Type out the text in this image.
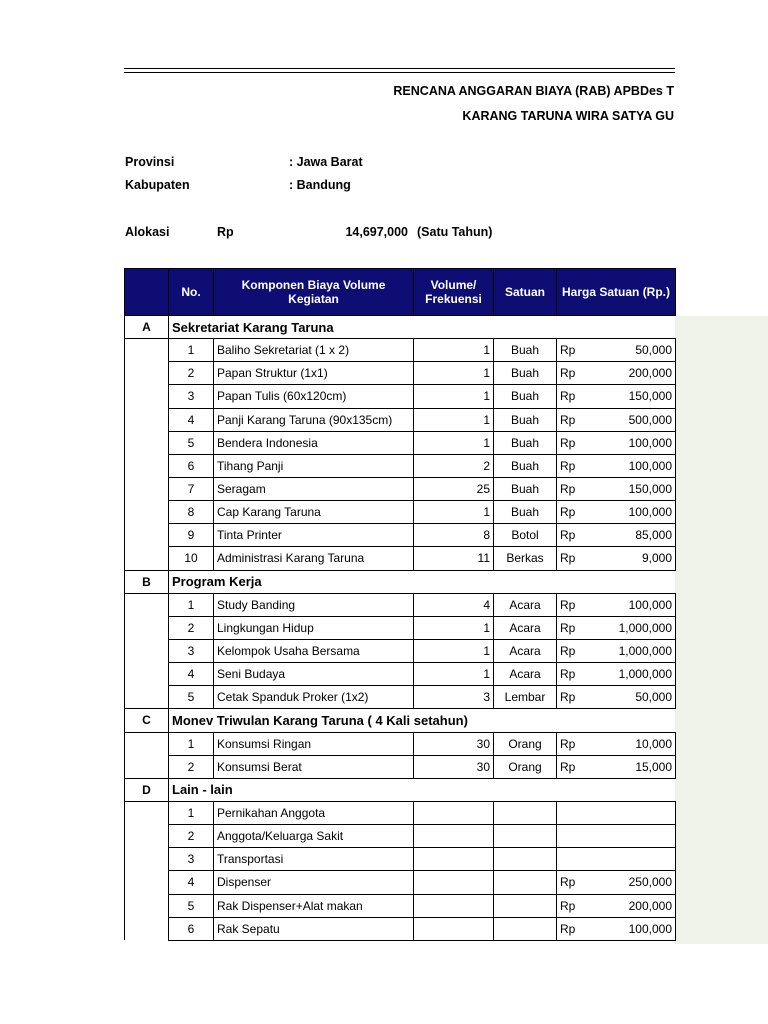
RENCANA ANGGARAN BIAYA (RAB) APBDes T
KARANG TARUNA WIRA SATYA GU
Provinsi	: Jawa Barat
Kabupaten	: Bandung
Alokasi	Rp	14,697,000 (Satu Tahun)
	No.	Komponen Biaya Volume Kegiatan	Volume/ Frekuensi	Satuan	Harga Satuan (Rp.)	
A	Sekretariat Karang Taruna					
	1	Baliho Sekretariat (1 x 2)	1	Buah	Rp	50,000
	2	Papan Struktur (1x1)	1	Buah	Rp	200,000
	3	Papan Tulis (60x120cm)	1	Buah	Rp	150,000
	4	Panji Karang Taruna (90x135cm)	1	Buah	Rp	500,000
	5	Bendera Indonesia	1	Buah	Rp	100,000
	6	Tihang Panji	2	Buah	Rp	100,000
	7	Seragam	25	Buah	Rp	150,000
	8	Cap Karang Taruna	1	Buah	Rp	100,000
	9	Tinta Printer	8	Botol	Rp	85,000
	10	Administrasi Karang Taruna	11	Berkas	Rp	9,000
B	Program Kerja					
	1	Study Banding	4	Acara	Rp	100,000
	2	Lingkungan Hidup	1	Acara	Rp	1,000,000
	3	Kelompok Usaha Bersama	1	Acara	Rp	1,000,000
	4	Seni Budaya	1	Acara	Rp	1,000,000
	5	Cetak Spanduk Proker (1x2)	3	Lembar	Rp	50,000
C	Monev Triwulan Karang Taruna ( 4 Kali setahun)					
	1	Konsumsi Ringan	30	Orang	Rp	10,000
	2	Konsumsi Berat	30	Orang	Rp	15,000
D	Lain - lain					
	1	Pernikahan Anggota				
	2	Anggota/Keluarga Sakit				
	3	Transportasi				
	4	Dispenser			Rp	250,000
	5	Rak Dispenser+Alat makan			Rp	200,000
	6	Rak Sepatu			Rp	100,000
